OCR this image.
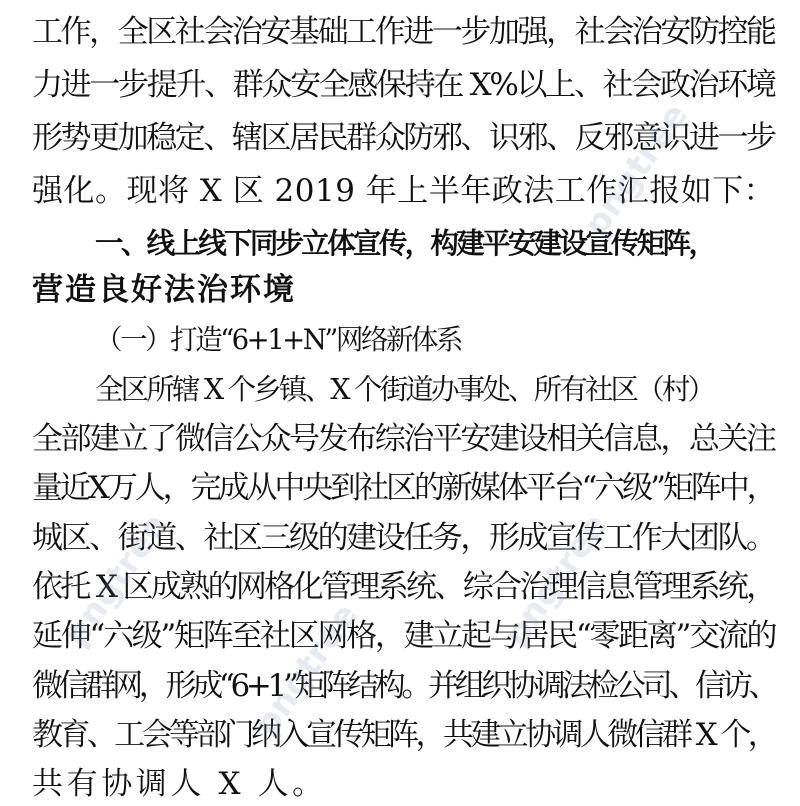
工作，全区社会治安基础工作进一步加强，社会治安防控能
力进一步提升、群众安全感保持在 X%以上、社会政治环境
形势更加稳定、辖区居民群众防邪、识邪、反邪意识进一步
强化。现将 X 区 2019 年上半年政法工作汇报如下：
一、线上线下同步立体宣传，构建平安建设宣传矩阵，
营造良好法治环境
（一）打造“6+1+N”网络新体系
全区所辖 X 个乡镇、X 个街道办事处、所有社区（村）
全部建立了微信公众号发布综治平安建设相关信息，总关注
量近X万人，完成从中央到社区的新媒体平台“六级”矩阵中，
城区、街道、社区三级的建设任务，形成宣传工作大团队。
依托 X 区成熟的网格化管理系统、综合治理信息管理系统，
延伸“六级”矩阵至社区网格，建立起与居民“零距离”交流的
微信群网，形成“6+1”矩阵结构。并组织协调法检公司、信访、
教育、工会等部门纳入宣传矩阵，共建立协调人微信群 X 个，
共有协调人 X 人。
pngtree
pngtree
pngtree
pngtree
